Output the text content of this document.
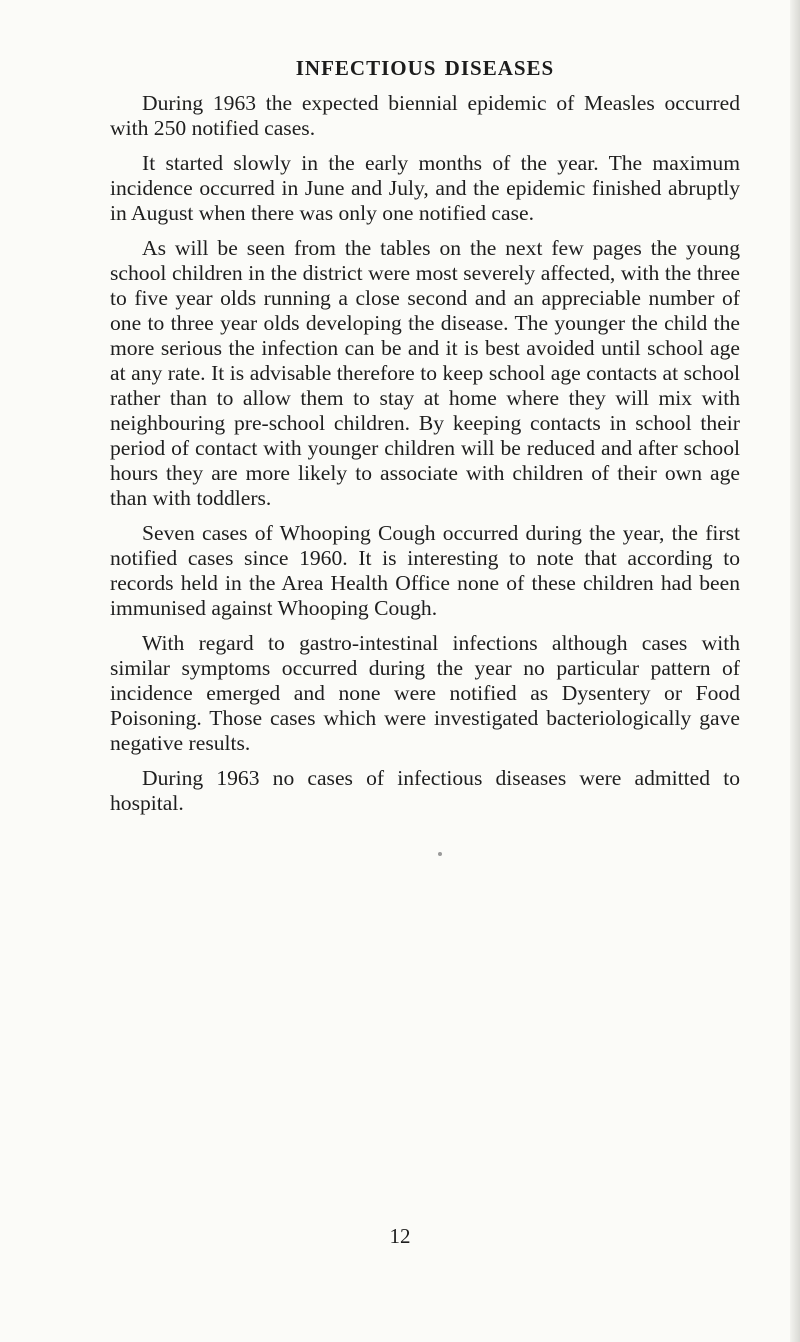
INFECTIOUS DISEASES

During 1963 the expected biennial epidemic of Measles occurred with 250 notified cases.

It started slowly in the early months of the year. The maximum incidence occurred in June and July, and the epidemic finished abruptly in August when there was only one notified case.

As will be seen from the tables on the next few pages the young school children in the district were most severely affected, with the three to five year olds running a close second and an appreciable number of one to three year olds developing the disease. The younger the child the more serious the infection can be and it is best avoided until school age at any rate. It is advisable therefore to keep school age contacts at school rather than to allow them to stay at home where they will mix with neighbouring pre-school children. By keeping contacts in school their period of contact with younger children will be reduced and after school hours they are more likely to associate with children of their own age than with toddlers.

Seven cases of Whooping Cough occurred during the year, the first notified cases since 1960. It is interesting to note that according to records held in the Area Health Office none of these children had been immunised against Whooping Cough.

With regard to gastro-intestinal infections although cases with similar symptoms occurred during the year no particular pattern of incidence emerged and none were notified as Dysentery or Food Poisoning. Those cases which were investigated bacteriologically gave negative results.

During 1963 no cases of infectious diseases were admitted to hospital.

12
